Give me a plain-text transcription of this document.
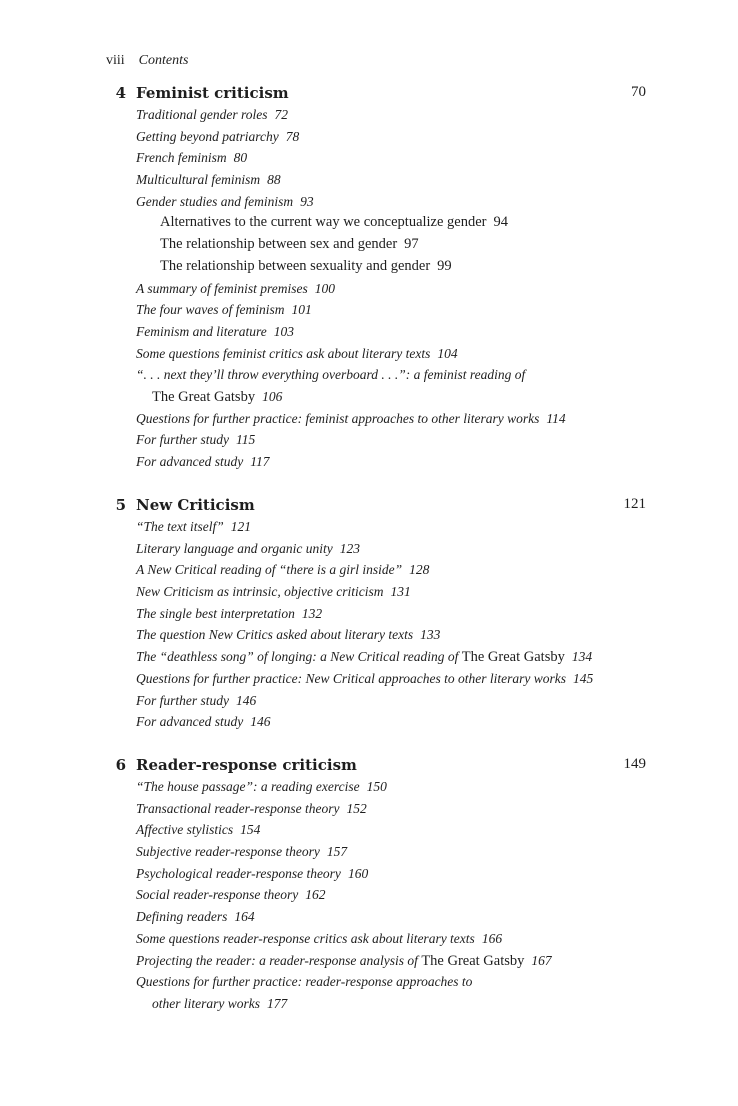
viii Contents
4 Feminist criticism	70
Traditional gender roles 72
Getting beyond patriarchy 78
French feminism 80
Multicultural feminism 88
Gender studies and feminism 93
Alternatives to the current way we conceptualize gender 94
The relationship between sex and gender 97
The relationship between sexuality and gender 99
A summary of feminist premises 100
The four waves of feminism 101
Feminism and literature 103
Some questions feminist critics ask about literary texts 104
“. . . next they’ll throw everything overboard . . .”: a feminist reading of
The Great Gatsby 106
Questions for further practice: feminist approaches to other literary works 114
For further study 115
For advanced study 117
5 New Criticism	121
“The text itself” 121
Literary language and organic unity 123
A New Critical reading of “there is a girl inside” 128
New Criticism as intrinsic, objective criticism 131
The single best interpretation 132
The question New Critics asked about literary texts 133
The “deathless song” of longing: a New Critical reading of The Great Gatsby 134
Questions for further practice: New Critical approaches to other literary works 145
For further study 146
For advanced study 146
6 Reader-response criticism	149
“The house passage”: a reading exercise 150
Transactional reader-response theory 152
Affective stylistics 154
Subjective reader-response theory 157
Psychological reader-response theory 160
Social reader-response theory 162
Defining readers 164
Some questions reader-response critics ask about literary texts 166
Projecting the reader: a reader-response analysis of The Great Gatsby 167
Questions for further practice: reader-response approaches to
other literary works 177
